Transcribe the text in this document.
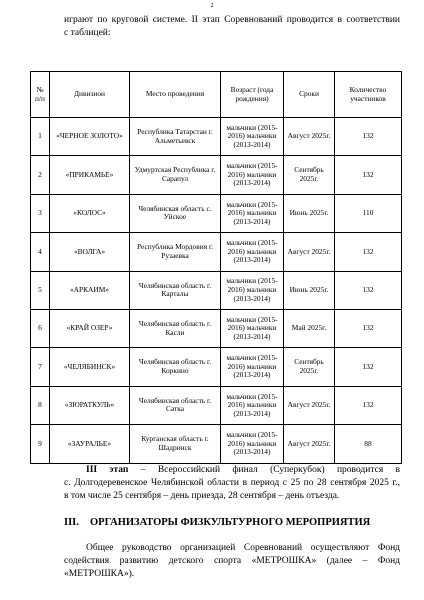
2

играют по круговой системе. II этап Соревнований проводится в соответствии

с таблицей:

№ п/п	Дивизион	Место проведения	Возраст (года рождения)	Сроки	Количество участников
1	«ЧЕРНОЕ ЗОЛОТО»	Республика Татарстан г. Альметьевск	мальчики (2015-2016) мальчики (2013-2014)	Август 2025г.	132
2	«ПРИКАМЬЕ»	Удмуртская Республика г. Сарапул	мальчики (2015-2016) мальчики (2013-2014)	Сентябрь 2025г.	132
3	«КОЛОС»	Челябинская область с. Уйское	мальчики (2015-2016) мальчики (2013-2014)	Июнь 2025г.	110
4	«ВОЛГА»	Республика Мордовия г. Рузаевка	мальчики (2015-2016) мальчики (2013-2014)	Август 2025г.	132
5	«АРКАИМ»	Челябинская область г. Карталы	мальчики (2015-2016) мальчики (2013-2014)	Июнь 2025г.	132
6	«КРАЙ ОЗЕР»	Челябинская область г. Касли	мальчики (2015-2016) мальчики (2013-2014)	Май 2025г.	132
7	«ЧЕЛЯБИНСК»	Челябинская область г. Коркино	мальчики (2015-2016) мальчики (2013-2014)	Сентябрь 2025г.	132
8	«ЗЮРАТКУЛЬ»	Челябинская область г. Сатка	мальчики (2015-2016) мальчики (2013-2014)	Август 2025г.	132
9	«ЗАУРАЛЬЕ»	Курганская область г. Шадринск	мальчики (2015-2016) мальчики (2013-2014)	Август 2025г.	88

III этап – Всероссийский финал (Суперкубок) проводится в

с. Долгодеревенское Челябинской области в период с 25 по 28 сентября 2025 г.,

в том числе 25 сентября – день приезда, 28 сентября – день отъезда.

III. ОРГАНИЗАТОРЫ ФИЗКУЛЬТУРНОГО МЕРОПРИЯТИЯ

Общее руководство организацией Соревнований осуществляют Фонд содействия развитию детского спорта «МЕТРОШКА» (далее – Фонд «МЕТРОШКА»).
